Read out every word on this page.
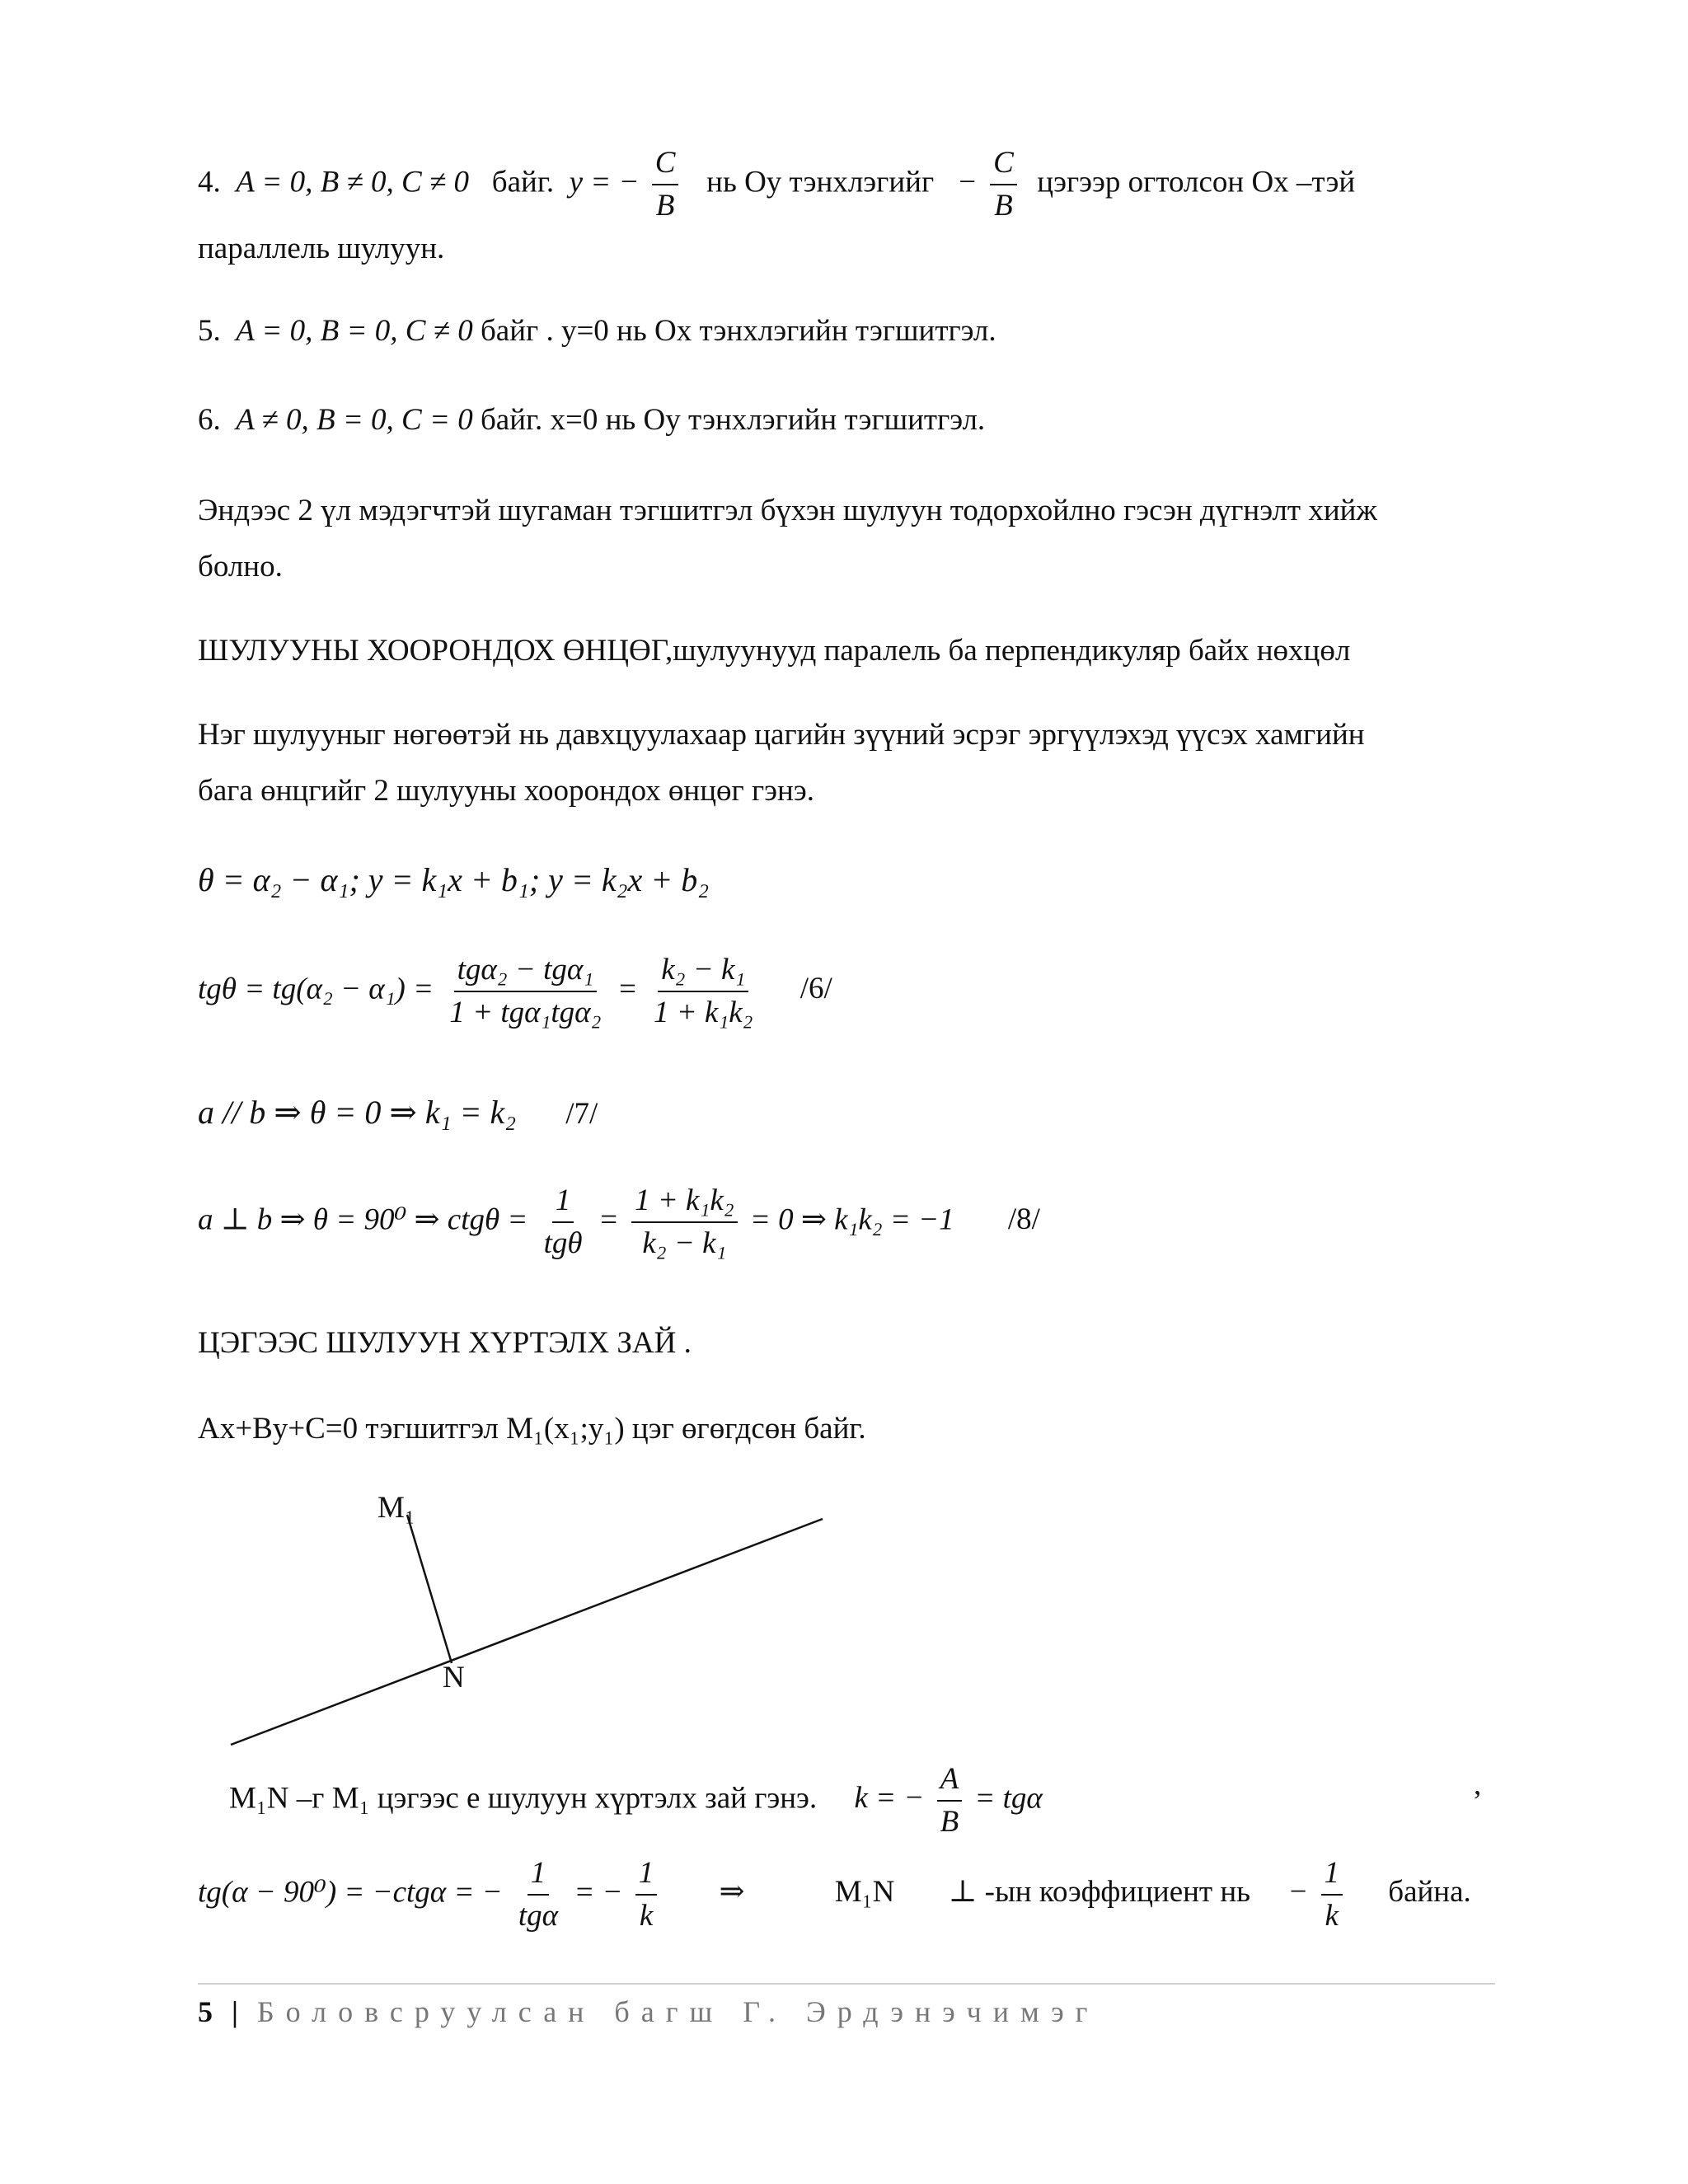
4. A = 0, B ≠ 0, C ≠ 0 байг. y = − $\frac{C}{B}$ нь Оу тэнхлэгийг − $\frac{C}{B}$ цэгээр огтолсон Ох –тэй
параллель шулуун.
5. A = 0, B = 0, C ≠ 0 байг . y=0 нь Ох тэнхлэгийн тэгшитгэл.
6. A ≠ 0, B = 0, C = 0 байг. x=0 нь Оу тэнхлэгийн тэгшитгэл.
Эндээс 2 үл мэдэгчтэй шугаман тэгшитгэл бүхэн шулуун тодорхойлно гэсэн дүгнэлт хийж
болно.
ШУЛУУНЫ ХООРОНДОХ ӨНЦӨГ,шулуунууд паралель ба перпендикуляр байх нөхцөл
Нэг шулууныг нөгөөтэй нь давхцуулахаар цагийн зүүний эсрэг эргүүлэхэд үүсэх хамгийн
бага өнцгийг 2 шулууны хоорондох өнцөг гэнэ.
θ = α₂ − α₁; y = k₁x + b₁; y = k₂x + b₂
$tg\theta = tg(\alpha_2 - \alpha_1) = \frac{\text{tgα₂ − tgα₁}}{\text{1 + tgα₁tgα₂}} = \frac{\text{k₂ − k₁}}{\text{1 + k₁k₂}} /6/$
a // b ⇒ θ = 0 ⇒ k₁ = k₂ /7/
a ⊥ b ⇒ θ = 90⁰ ⇒ $ctg\theta = \frac{1}{\text{tgθ}} = \frac{\text{1 + k₁k₂}}{\text{k₂ − k₁}} = 0$ ⇒ k₁k₂ = −1 /8/
ЦЭГЭЭС ШУЛУУН ХҮРТЭЛХ ЗАЙ .
Ax+By+C=0 тэгшитгэл M₁(x₁;y₁) цэг өгөгдсөн байг.
M₁
N
M₁N –г M₁ цэгээс е шулуун хүртэлх зай гэнэ. k = − $\frac{A}{B} = tg\alpha$	,
tg(α − 90⁰) = −ctgα = − $\frac{1}{\text{tgα}}$ = − $\frac{1}{k}$ ⇒	M₁N ⊥ -ын коэффициент нь − $\frac{1}{k}$ байна.
5 | Боловсруулсан багш Г. Эрдэнэчимэг
